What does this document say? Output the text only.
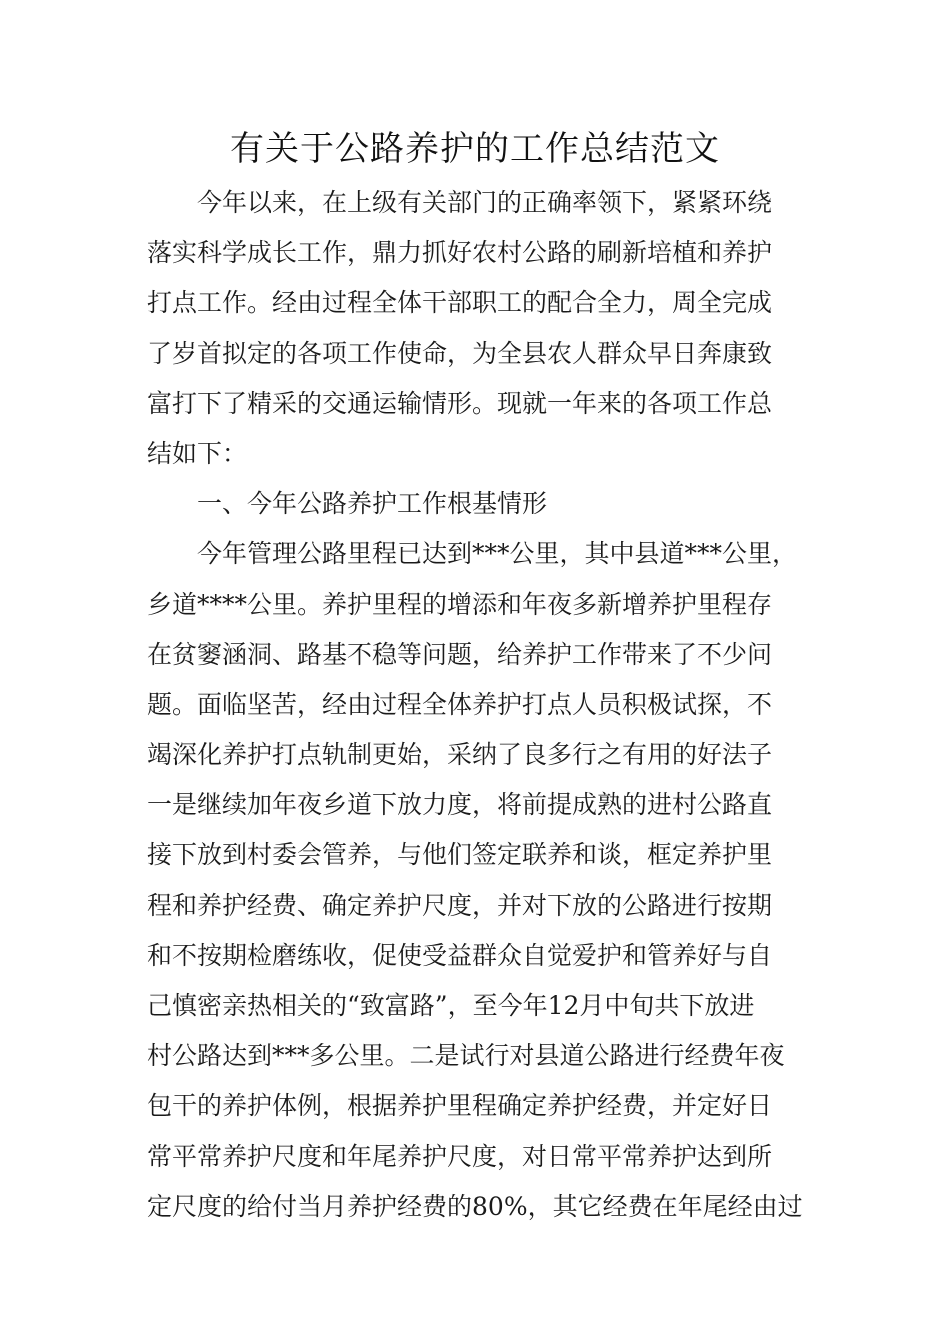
有关于公路养护的工作总结范文
今年以来，在上级有关部门的正确率领下，紧紧环绕
落实科学成长工作，鼎力抓好农村公路的刷新培植和养护
打点工作。经由过程全体干部职工的配合全力，周全完成
了岁首拟定的各项工作使命，为全县农人群众早日奔康致
富打下了精采的交通运输情形。现就一年来的各项工作总
结如下：
一、今年公路养护工作根基情形
今年管理公路里程已达到***公里，其中县道***公里，
乡道****公里。养护里程的增添和年夜多新增养护里程存
在贫窭涵洞、路基不稳等问题，给养护工作带来了不少问
题。面临坚苦，经由过程全体养护打点人员积极试探，不
竭深化养护打点轨制更始，采纳了良多行之有用的好法子
一是继续加年夜乡道下放力度，将前提成熟的进村公路直
接下放到村委会管养，与他们签定联养和谈，框定养护里
程和养护经费、确定养护尺度，并对下放的公路进行按期
和不按期检磨练收，促使受益群众自觉爱护和管养好与自
己慎密亲热相关的“致富路”，至今年12月中旬共下放进
村公路达到***多公里。二是试行对县道公路进行经费年夜
包干的养护体例，根据养护里程确定养护经费，并定好日
常平常养护尺度和年尾养护尺度，对日常平常养护达到所
定尺度的给付当月养护经费的80%，其它经费在年尾经由过
